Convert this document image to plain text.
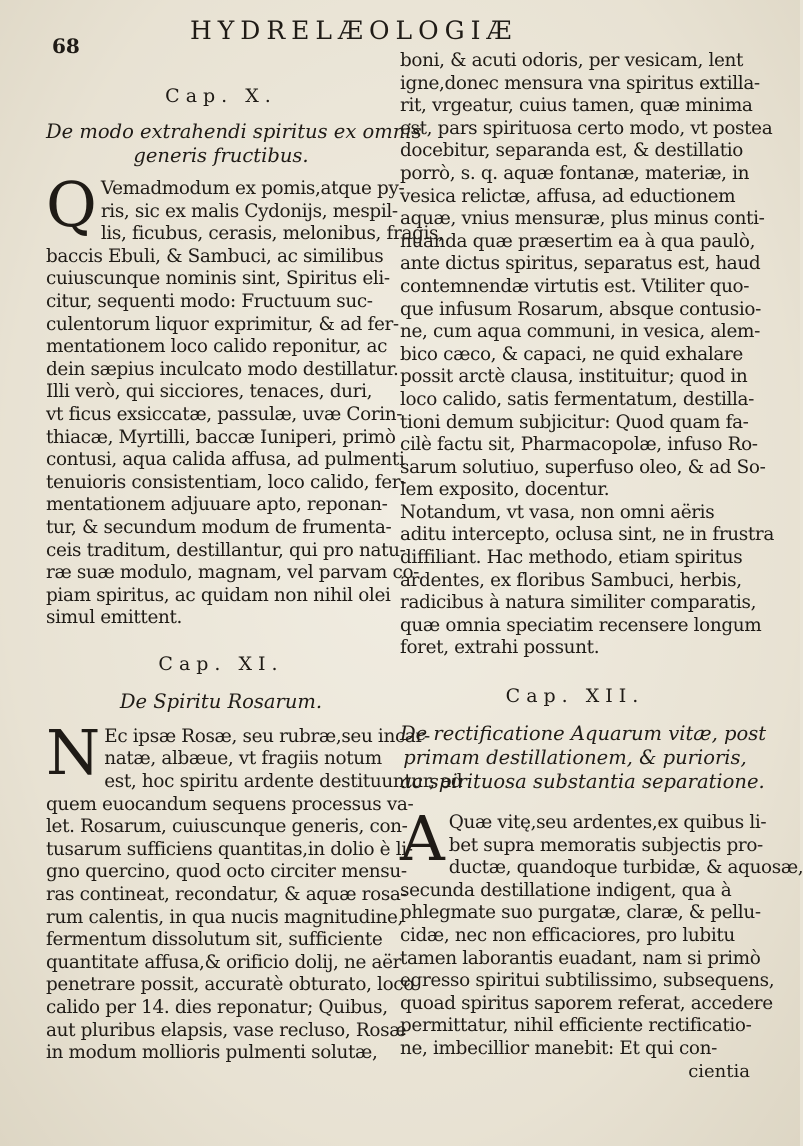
68
HYDRELÆOLOGIÆ
Cap. X.
De modo extrahendi spiritus ex omnis
generis fructibus.
Q Vemadmodum ex pomis,atque py-
ris, sic ex malis Cydonijs, mespil-
lis, ficubus, cerasis, melonibus, fragis,
baccis Ebuli, & Sambuci, ac similibus
cuiuscunque nominis sint, Spiritus eli-
citur, sequenti modo: Fructuum suc-
culentorum liquor exprimitur, & ad fer-
mentationem loco calido reponitur, ac
dein sæpius inculcato modo destillatur.
Illi verò, qui sicciores, tenaces, duri,
vt ficus exsiccatæ, passulæ, uvæ Corin-
thiacæ, Myrtilli, baccæ Iuniperi, primò
contusi, aqua calida affusa, ad pulmenti
tenuioris consistentiam, loco calido, fer-
mentationem adjuuare apto, reponan-
tur, & secundum modum de frumenta-
ceis traditum, destillantur, qui pro natu-
ræ suæ modulo, magnam, vel parvam co-
piam spiritus, ac quidam non nihil olei
simul emittent.
Cap. XI.
De Spiritu Rosarum.
N Ec ipsæ Rosæ, seu rubræ,seu incar-
natæ, albæue, vt fragiis notum
est, hoc spiritu ardente destituuntur, ad
quem euocandum sequens processus va-
let. Rosarum, cuiuscunque generis, con-
tusarum sufficiens quantitas,in dolio è li-
gno quercino, quod octo circiter mensu-
ras contineat, recondatur, & aquæ rosa-
rum calentis, in qua nucis magnitudine,
fermentum dissolutum sit, sufficiente
quantitate affusa,& orificio dolij, ne aër
penetrare possit, accuratè obturato, loco
calido per 14. dies reponatur; Quibus,
aut pluribus elapsis, vase recluso, Rosæ
in modum mollioris pulmenti solutæ,
boni, & acuti odoris, per vesicam, lent
igne,donec mensura vna spiritus extilla-
rit, vrgeatur, cuius tamen, quæ minima
est, pars spirituosa certo modo, vt postea
docebitur, separanda est, & destillatio
porrò, s. q. aquæ fontanæ, materiæ, in
vesica relictæ, affusa, ad eductionem
aquæ, vnius mensuræ, plus minus conti-
nuanda quæ præsertim ea à qua paulò,
ante dictus spiritus, separatus est, haud
contemnendæ virtutis est. Vtiliter quo-
que infusum Rosarum, absque contusio-
ne, cum aqua communi, in vesica, alem-
bico cæco, & capaci, ne quid exhalare
possit arctè clausa, instituitur; quod in
loco calido, satis fermentatum, destilla-
tioni demum subjicitur: Quod quam fa-
cilè factu sit, Pharmacopolæ, infuso Ro-
sarum solutiuo, superfuso oleo, & ad So-
lem exposito, docentur.
Notandum, vt vasa, non omni aëris
aditu intercepto, oclusa sint, ne in frustra
diffiliant. Hac methodo, etiam spiritus
ardentes, ex floribus Sambuci, herbis,
radicibus à natura similiter comparatis,
quæ omnia speciatim recensere longum
foret, extrahi possunt.
Cap. XII.
De rectificatione Aquarum vitæ, post
primam destillationem, & purioris,
ac spirituosa substantia separatione.
A Quæ vitę,seu ardentes,ex quibus li-
bet supra memoratis subjectis pro-
ductæ, quandoque turbidæ, & aquosæ,
secunda destillatione indigent, qua à
phlegmate suo purgatæ, claræ, & pellu-
cidæ, nec non efficaciores, pro lubitu
tamen laborantis euadant, nam si primò
egresso spiritui subtilissimo, subsequens,
quoad spiritus saporem referat, accedere
permittatur, nihil efficiente rectificatio-
ne, imbecillior manebit: Et qui con-
cientia
